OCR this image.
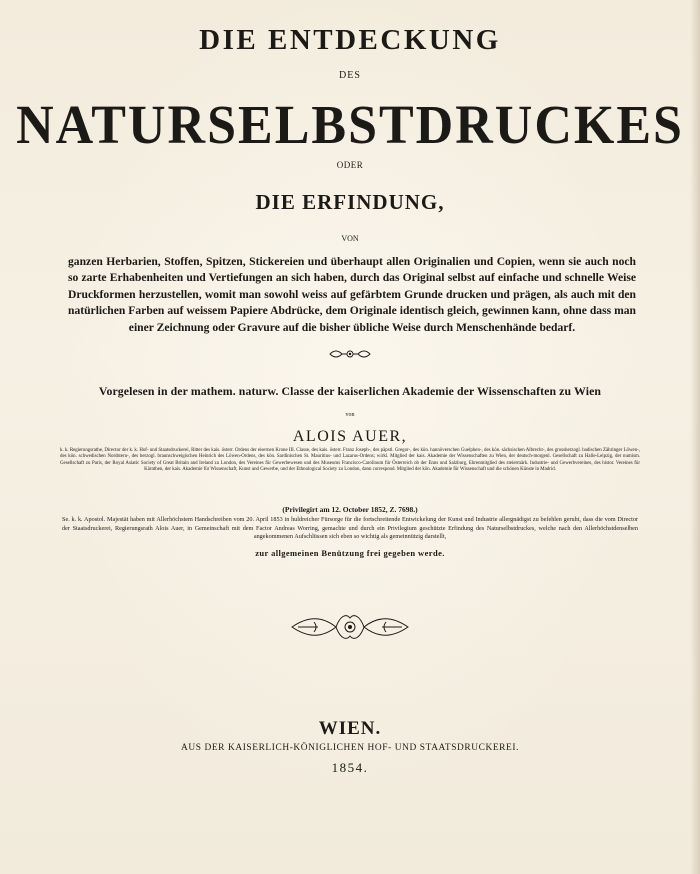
DIE ENTDECKUNG
DES
NATURSELBSTDRUCKES
ODER
DIE ERFINDUNG,
VON
ganzen Herbarien, Stoffen, Spitzen, Stickereien und überhaupt allen Originalien und Copien, wenn sie auch noch so zarte Erhabenheiten und Vertiefungen an sich haben, durch das Original selbst auf einfache und schnelle Weise Druckformen herzustellen, womit man sowohl weiss auf gefärbtem Grunde drucken und prägen, als auch mit den natürlichen Farben auf weissem Papiere Abdrücke, dem Originale identisch gleich, gewinnen kann, ohne dass man einer Zeichnung oder Gravure auf die bisher übliche Weise durch Menschenhände bedarf.
Vorgelesen in der mathem. naturw. Classe der kaiserlichen Akademie der Wissenschaften zu Wien
von
ALOIS AUER,
k. k. Regierungsrathe, Director der k. k. Hof- und Staatsdruckerei, Ritter des kais. österr. Ordens der eisernen Krone III. Classe, des kais. österr. Franz Joseph-, des päpstl. Gregor-, des kön. hannöverschen Guelphen-, des kön. sächsischen Albrecht-, des grossherzogl. badischen Zähringer Löwen-, des kön. schwedischen Nordstern-, des herzogl. braunschweigischen Heinrich des Löwen-Ordens, des kön. Sardinischen St. Mauritius- und Lazarus-Ordens; wirkl. Mitglied der kais. Akademie der Wissenschaften zu Wien, der deutsch-morgenl. Gesellschaft zu Halle-Leipzig, der numism. Gesellschaft zu Paris, der Royal Asiatic Society of Great Britain and Ireland zu London, des Vereines für Gewerbewesen und des Museums Francisco-Carolinum für Österreich ob der Enns und Salzburg, Ehrenmitglied des steiermärk. Industrie- und Gewerbvereines, des histor. Vereines für Kärnthen, der kais. Akademie für Wissenschaft, Kunst und Gewerbe, und der Ethnological Society zu London, dann correspond. Mitglied der kön. Akademie für Wissenschaft und die schönen Künste in Madrid.
(Privilegirt am 12. October 1852, Z. 7698.)
Se. k. k. Apostol. Majestät haben mit Allerhöchstem Handschreiben vom 20. April 1853 in huldreicher Fürsorge für die fortschreitende Entwickelung der Kunst und Industrie allergnädigst zu befehlen geruht, dass die vom Director der Staatsdruckerei, Regierungsrath Alois Auer, in Gemeinschaft mit dem Factor Andreas Worring, gemachte und durch ein Privilegium geschützte Erfindung des Naturselbstdruckes, welche nach den Allerhöchstdenselben angekommenen Aufschlüssen sich eben so wichtig als gemeinnützig darstellt,
zur allgemeinen Benützung frei gegeben werde.
WIEN.
AUS DER KAISERLICH-KÖNIGLICHEN HOF- UND STAATSDRUCKEREI.
1854.
